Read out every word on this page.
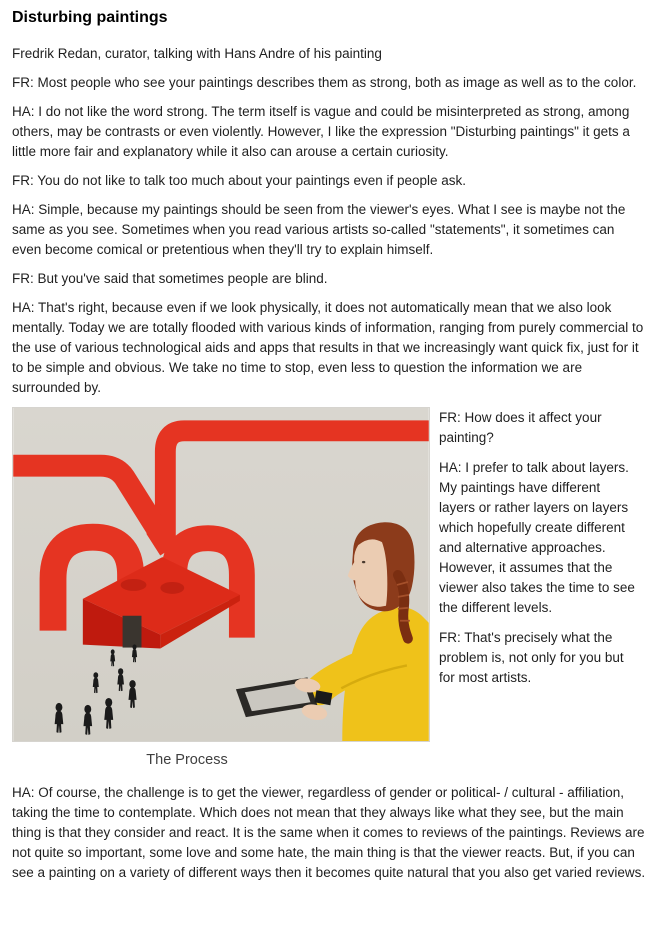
Disturbing paintings

Fredrik Redan, curator, talking with Hans Andre of his painting

FR: Most people who see your paintings describes them as strong, both as image as well as to the color.

HA: I do not like the word strong. The term itself is vague and could be misinterpreted as strong, among others, may be contrasts or even violently. However, I like the expression "Disturbing paintings" it gets a little more fair and explanatory while it also can arouse a certain curiosity.

FR: You do not like to talk too much about your paintings even if people ask.

HA: Simple, because my paintings should be seen from the viewer's eyes. What I see is maybe not the same as you see. Sometimes when you read various artists so-called "statements", it sometimes can even become comical or pretentious when they'll try to explain himself.

FR: But you've said that sometimes people are blind.

HA: That's right, because even if we look physically, it does not automatically mean that we also look mentally. Today we are totally flooded with various kinds of information, ranging from purely commercial to the use of various technological aids and apps that results in that we increasingly want quick fix, just for it to be simple and obvious. We take no time to stop, even less to question the information we are surrounded by.

The Process

FR: How does it affect your painting?

HA: I prefer to talk about layers. My paintings have different layers or rather layers on layers which hopefully create different and alternative approaches. However, it assumes that the viewer also takes the time to see the different levels.

FR: That's precisely what the problem is, not only for you but for most artists.

HA: Of course, the challenge is to get the viewer, regardless of gender or political- / cultural - affiliation, taking the time to contemplate. Which does not mean that they always like what they see, but the main thing is that they consider and react. It is the same when it comes to reviews of the paintings. Reviews are not quite so important, some love and some hate, the main thing is that the viewer reacts. But, if you can see a painting on a variety of different ways then it becomes quite natural that you also get varied reviews.
